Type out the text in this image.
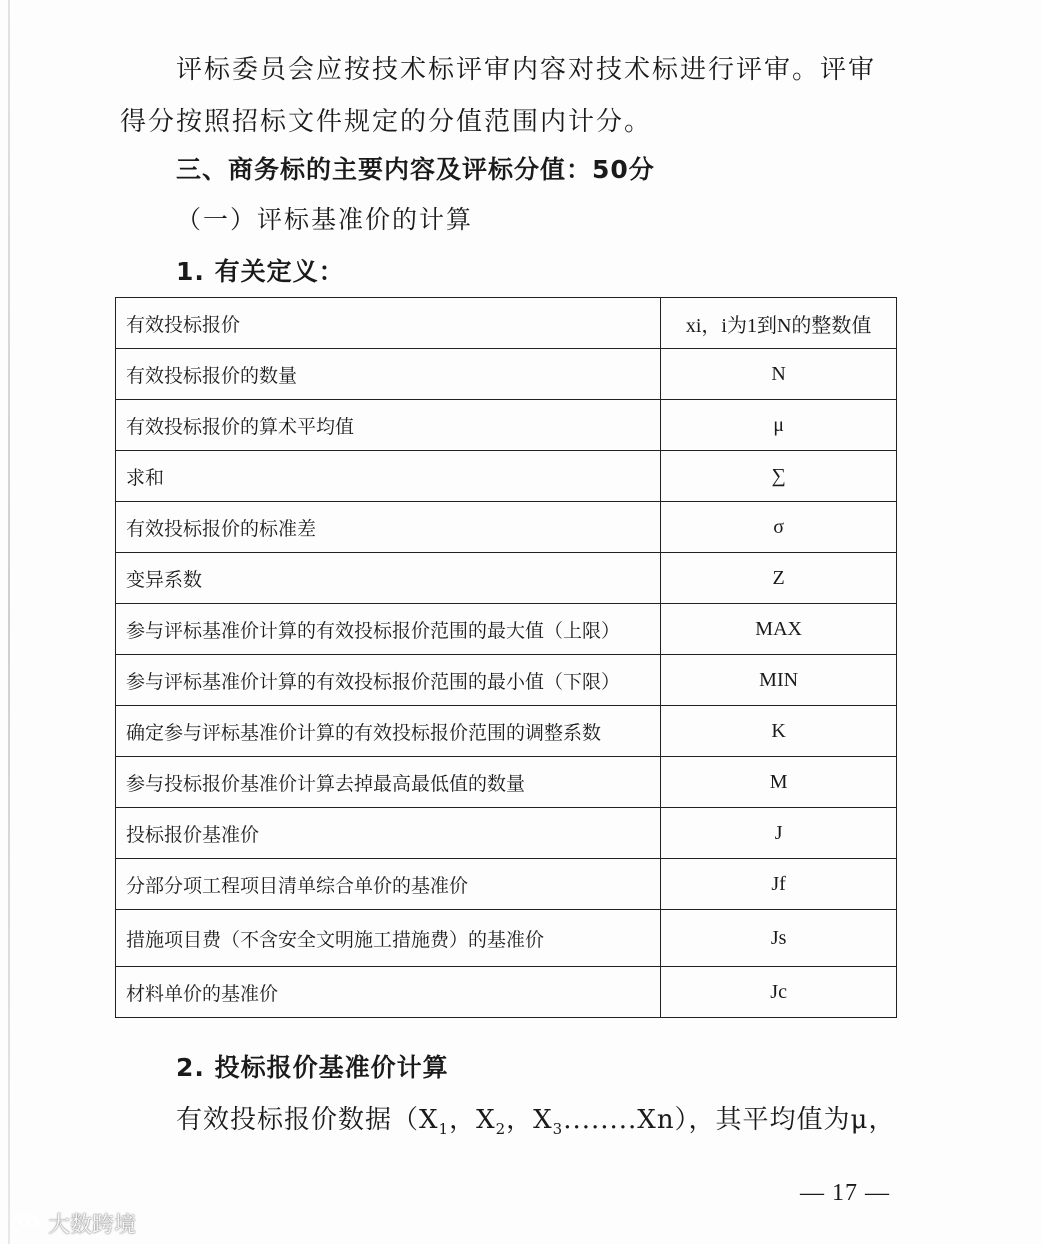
评标委员会应按技术标评审内容对技术标进行评审。评审得分按照招标文件规定的分值范围内计分。

三、商务标的主要内容及评标分值：50分

（一）评标基准价的计算

1. 有关定义：

有效投标报价	xi，i为1到N的整数值
有效投标报价的数量	N
有效投标报价的算术平均值	μ
求和	∑
有效投标报价的标准差	σ
变异系数	Z
参与评标基准价计算的有效投标报价范围的最大值（上限）	MAX
参与评标基准价计算的有效投标报价范围的最小值（下限）	MIN
确定参与评标基准价计算的有效投标报价范围的调整系数	K
参与投标报价基准价计算去掉最高最低值的数量	M
投标报价基准价	J
分部分项工程项目清单综合单价的基准价	Jf
措施项目费（不含安全文明施工措施费）的基准价	Js
材料单价的基准价	Jc

2. 投标报价基准价计算

有效投标报价数据（$X_1$，$X_2$，$X_3........Xn$），其平均值为μ，

— 17 —
大数跨境
